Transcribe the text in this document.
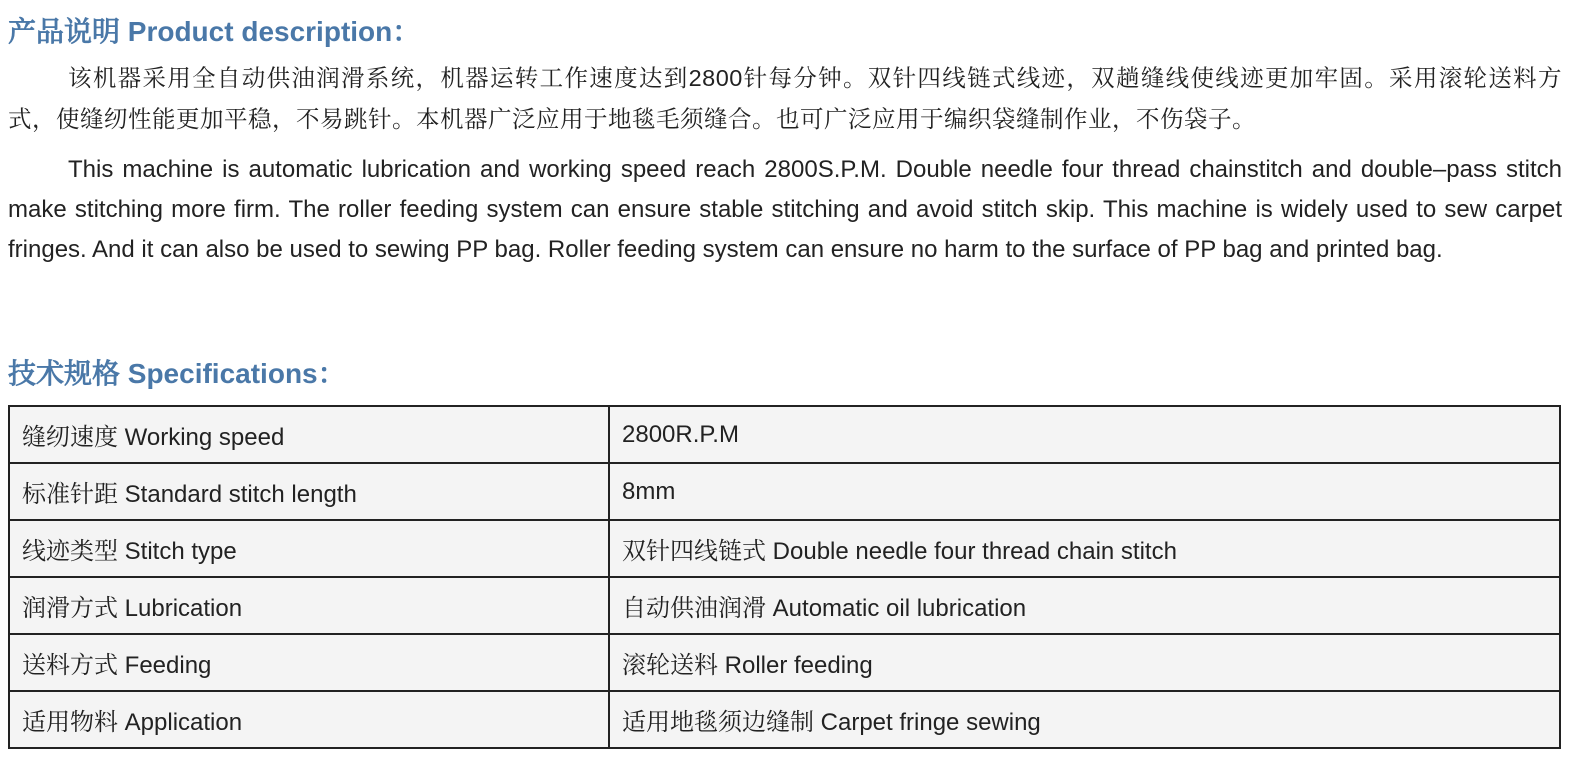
产品说明 Product description：

该机器采用全自动供油润滑系统，机器运转工作速度达到2800针每分钟。双针四线链式线迹，双趟缝线使线迹更加牢固。采用滚轮送料方式，使缝纫性能更加平稳，不易跳针。本机器广泛应用于地毯毛须缝合。也可广泛应用于编织袋缝制作业，不伤袋子。

This machine is automatic lubrication and working speed reach 2800S.P.M. Double needle four thread chainstitch and double–pass stitch make stitching more firm. The roller feeding system can ensure stable stitching and avoid stitch skip. This machine is widely used to sew carpet fringes. And it can also be used to sewing PP bag. Roller feeding system can ensure no harm to the surface of PP bag and printed bag.

技术规格 Specifications：
缝纫速度 Working speed	2800R.P.M
标准针距 Standard stitch length	8mm
线迹类型 Stitch type	双针四线链式 Double needle four thread chain stitch
润滑方式 Lubrication	自动供油润滑 Automatic oil lubrication
送料方式 Feeding	滚轮送料 Roller feeding
适用物料 Application	适用地毯须边缝制 Carpet fringe sewing
